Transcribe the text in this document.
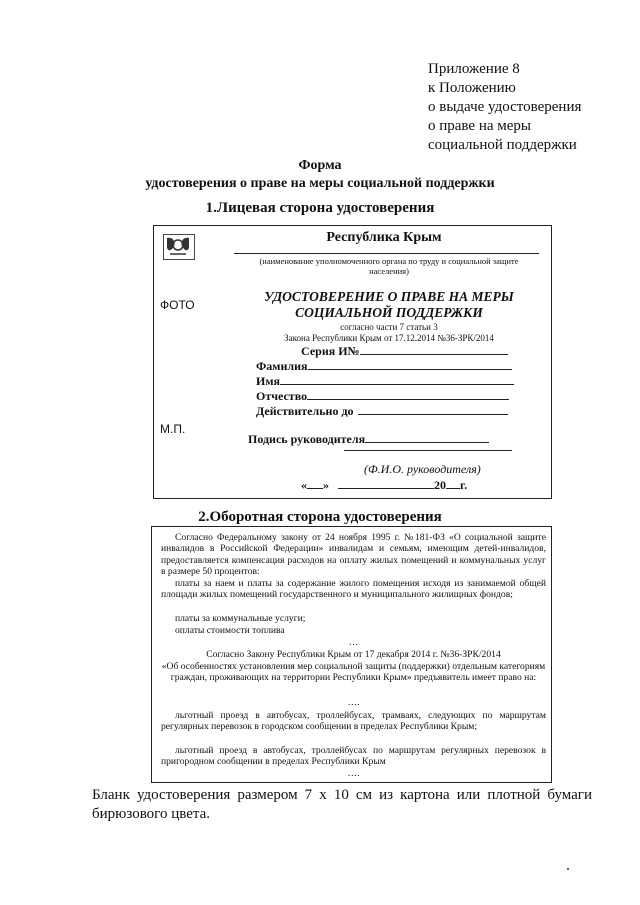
Приложение 8
к Положению
о выдаче удостоверения
о праве на меры
социальной поддержки
Форма
удостоверения о праве на меры социальной поддержки
1.Лицевая сторона удостоверения
Республика Крым
(наименование уполномоченного органа по труду и социальной защите
населения)
ФОТО
М.П.
УДОСТОВЕРЕНИЕ О ПРАВЕ НА МЕРЫ
СОЦИАЛЬНОЙ ПОДДЕРЖКИ
согласно части 7 статьи 3
Закона Республики Крым от 17.12.2014 №36-ЗРК/2014
Серия И№
Фамилия
Имя
Отчество
Действительно до
Подись руководителя
(Ф.И.О. руководителя)
« »	20 г.
2.Оборотная сторона удостоверения
Согласно Федеральному закону от 24 ноября 1995 г. №181-ФЗ «О социальной защите инвалидов в Российской Федерации» инвалидам и семьям, имеющим детей-инвалидов, предоставляется компенсация расходов на оплату жилых помещений и коммунальных услуг в размере 50 процентов:
платы за наем и платы за содержание жилого помещения исходя из занимаемой общей площади жилых помещений государственного и муниципального жилищных фондов;
платы за коммунальные услуги;
оплаты стоимости топлива
…
Согласно Закону Республики Крым от 17 декабря 2014 г. №36-ЗРК/2014
«Об особенностях установления мер социальной защиты (поддержки) отдельным категориям граждан, проживающих на территории Республики Крым» предъявитель имеет право на:
….
льготный проезд в автобусах, троллейбусах, трамваях, следующих по маршрутам регулярных перевозок в городском сообщении в пределах Республики Крым;
льготный проезд в автобусах, троллейбусах по маршрутам регулярных перевозок в пригородном сообщении в пределах Республики Крым
….
Бланк удостоверения размером 7 х 10 см из картона или плотной бумаги бирюзового цвета.
